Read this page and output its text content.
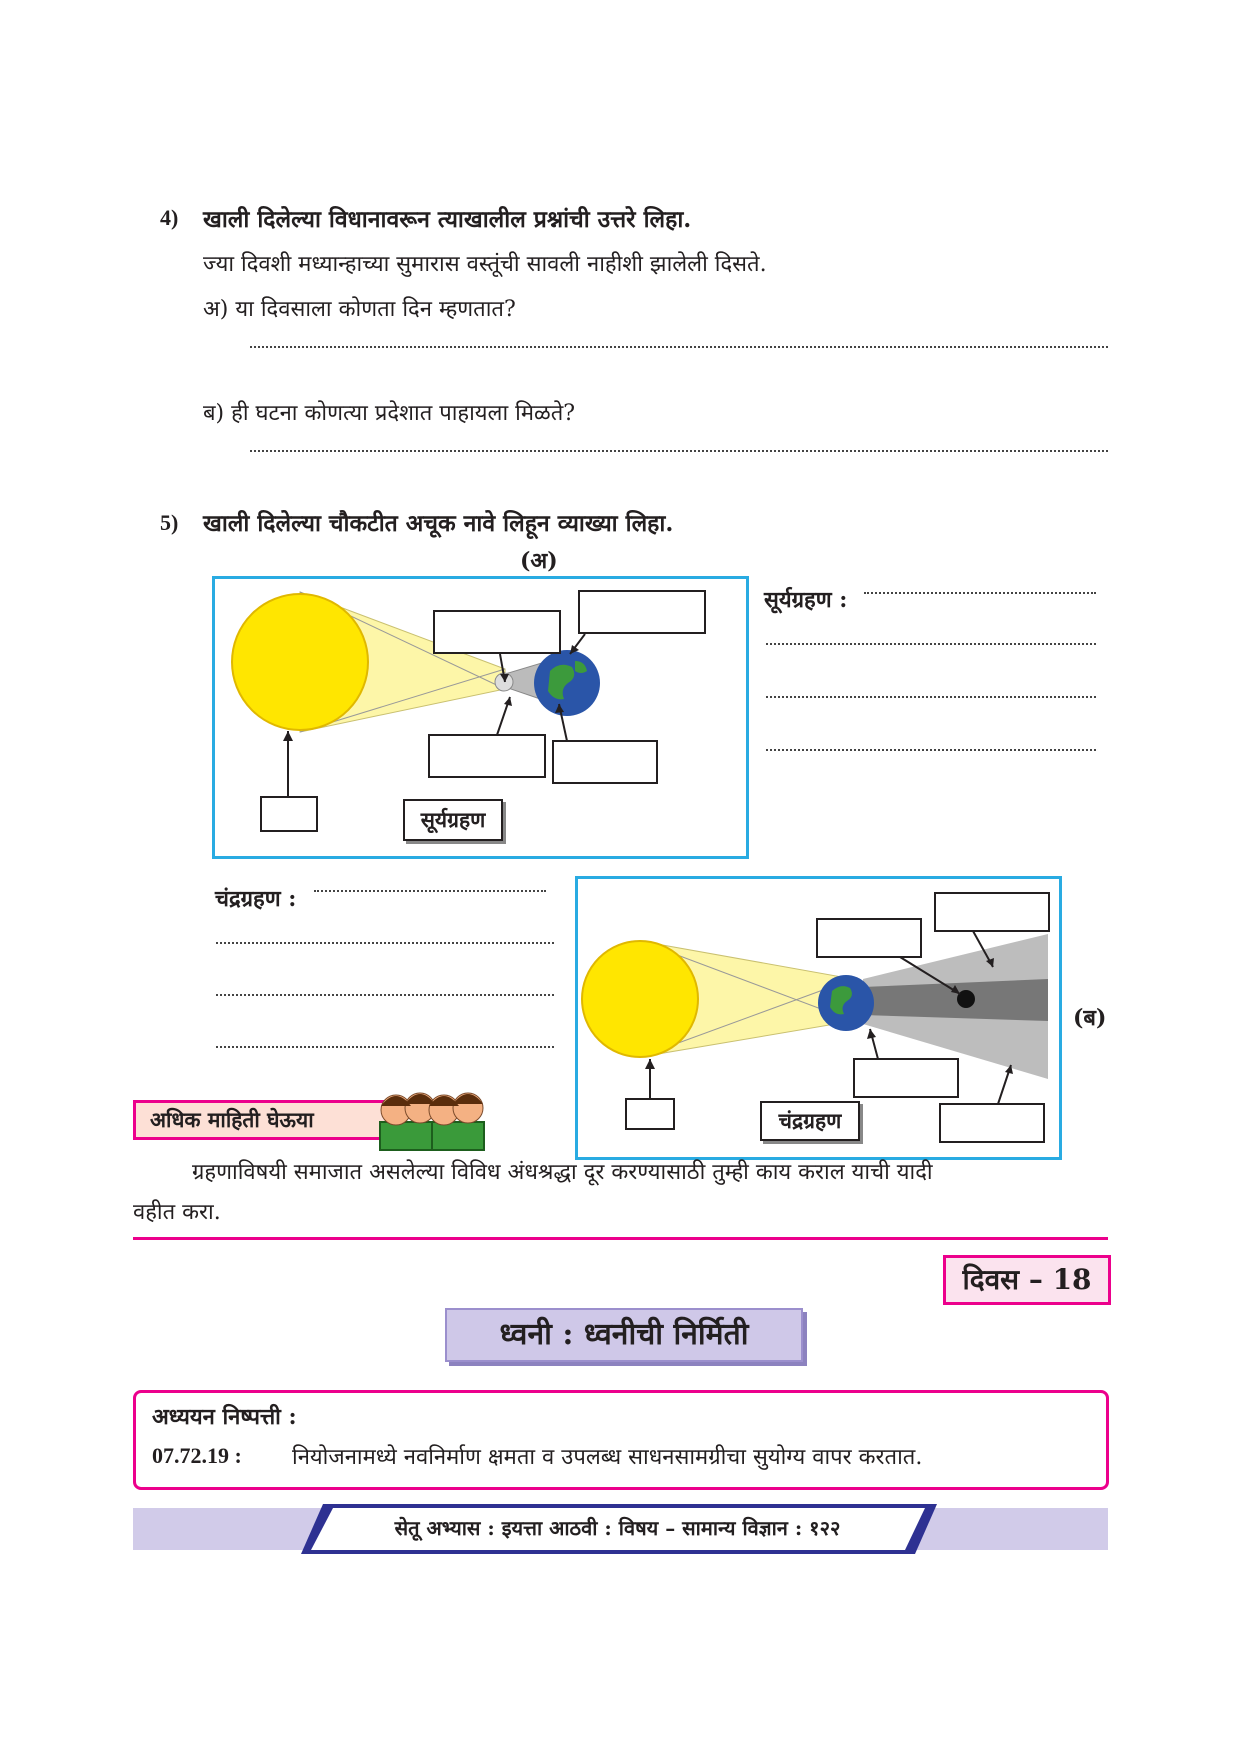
4) खाली दिलेल्या विधानावरून त्याखालील प्रश्नांची उत्तरे लिहा.
ज्या दिवशी मध्यान्हाच्या सुमारास वस्तूंची सावली नाहीशी झालेली दिसते.
अ) या दिवसाला कोणता दिन म्हणतात?
ब) ही घटना कोणत्या प्रदेशात पाहायला मिळते?
5) खाली दिलेल्या चौकटीत अचूक नावे लिहून व्याख्या लिहा.
(अ)
सूर्यग्रहण
सूर्यग्रहण :
चंद्रग्रहण :
चंद्रग्रहण
(ब)
अधिक माहिती घेऊया
ग्रहणाविषयी समाजात असलेल्या विविध अंधश्रद्धा दूर करण्यासाठी तुम्ही काय कराल याची यादी
वहीत करा.
दिवस – 18
ध्वनी : ध्वनीची निर्मिती
अध्ययन निष्पत्ती :
07.72.19 : नियोजनामध्ये नवनिर्माण क्षमता व उपलब्ध साधनसामग्रीचा सुयोग्य वापर करतात.
सेतू अभ्यास : इयत्ता आठवी : विषय – सामान्य विज्ञान : १२२
